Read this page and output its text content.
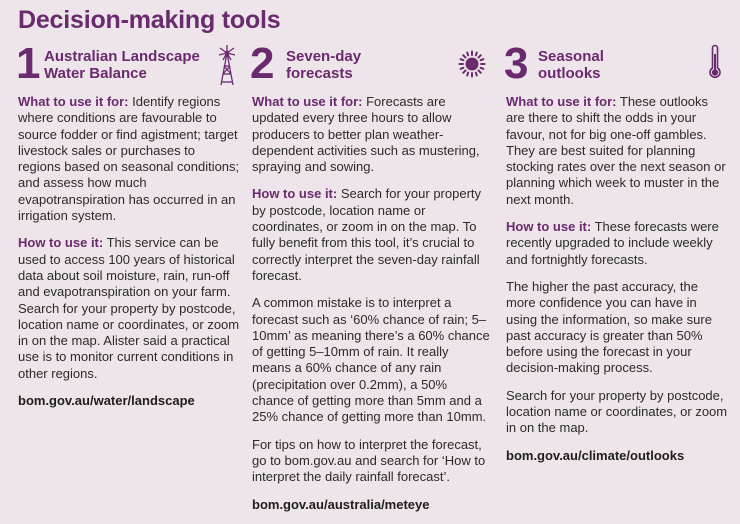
Decision-making tools
1 Australian Landscape
Water Balance

What to use it for: Identify regions where conditions are favourable to source fodder or find agistment; target livestock sales or purchases to regions based on seasonal conditions; and assess how much evapotranspiration has occurred in an irrigation system.

How to use it: This service can be used to access 100 years of historical data about soil moisture, rain, run-off and evapotranspiration on your farm. Search for your property by postcode, location name or coordinates, or zoom in on the map. Alister said a practical use is to monitor current conditions in other regions.

bom.gov.au/water/landscape

2 Seven-day
forecasts

What to use it for: Forecasts are updated every three hours to allow producers to better plan weather-dependent activities such as mustering, spraying and sowing.

How to use it: Search for your property by postcode, location name or coordinates, or zoom in on the map. To fully benefit from this tool, it’s crucial to correctly interpret the seven-day rainfall forecast.

A common mistake is to interpret a forecast such as ‘60% chance of rain; 5–10mm’ as meaning there’s a 60% chance of getting 5–10mm of rain. It really means a 60% chance of any rain (precipitation over 0.2mm), a 50% chance of getting more than 5mm and a 25% chance of getting more than 10mm.

For tips on how to interpret the forecast, go to bom.gov.au and search for ‘How to interpret the daily rainfall forecast’.

bom.gov.au/australia/meteye

3 Seasonal
outlooks

What to use it for: These outlooks are there to shift the odds in your favour, not for big one-off gambles. They are best suited for planning stocking rates over the next season or planning which week to muster in the next month.

How to use it: These forecasts were recently upgraded to include weekly and fortnightly forecasts.

The higher the past accuracy, the more confidence you can have in using the information, so make sure past accuracy is greater than 50% before using the forecast in your decision-making process.

Search for your property by postcode, location name or coordinates, or zoom in on the map.

bom.gov.au/climate/outlooks
